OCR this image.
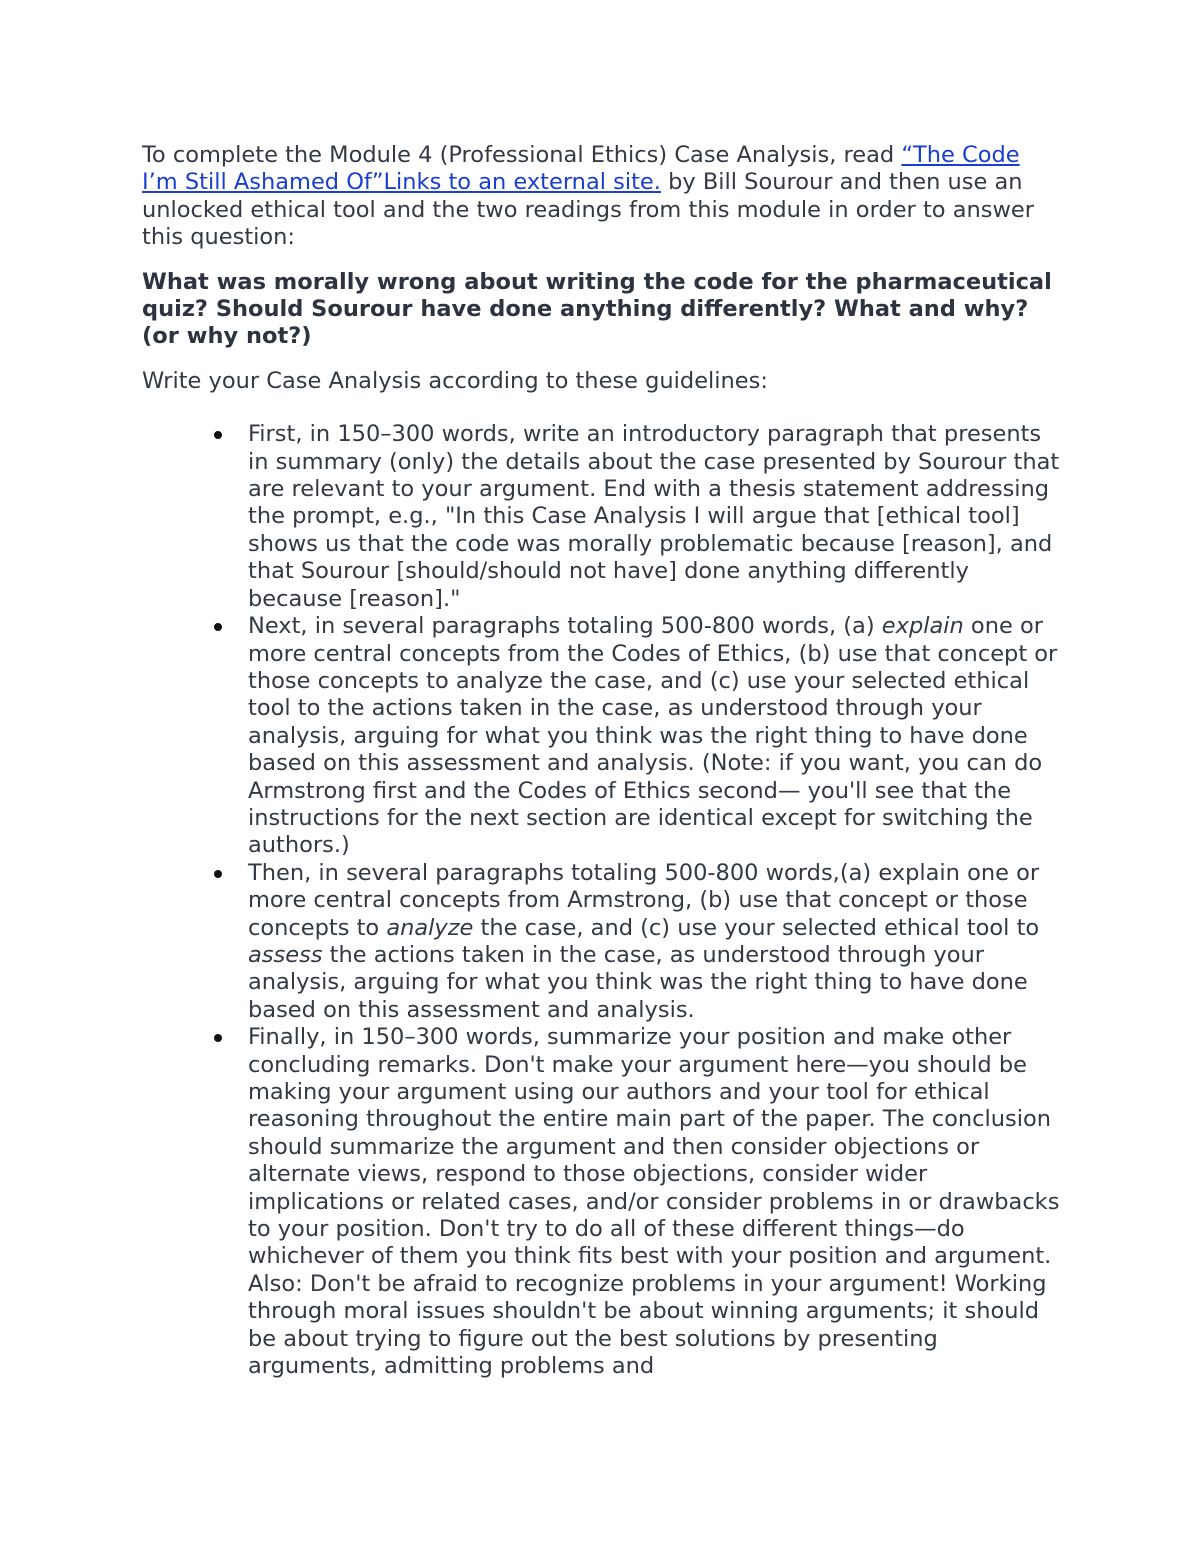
To complete the Module 4 (Professional Ethics) Case Analysis, read “The Code I’m Still Ashamed Of”Links to an external site. by Bill Sourour and then use an unlocked ethical tool and the two readings from this module in order to answer this question:

What was morally wrong about writing the code for the pharmaceutical quiz? Should Sourour have done anything differently? What and why? (or why not?)

Write your Case Analysis according to these guidelines:

First, in 150–300 words, write an introductory paragraph that presents in summary (only) the details about the case presented by Sourour that are relevant to your argument. End with a thesis statement addressing the prompt, e.g., "In this Case Analysis I will argue that [ethical tool] shows us that the code was morally problematic because [reason], and that Sourour [should/should not have] done anything differently because [reason]."
Next, in several paragraphs totaling 500-800 words, (a) explain one or more central concepts from the Codes of Ethics, (b) use that concept or those concepts to analyze the case, and (c) use your selected ethical tool to the actions taken in the case, as understood through your analysis, arguing for what you think was the right thing to have done based on this assessment and analysis. (Note: if you want, you can do Armstrong first and the Codes of Ethics second— you'll see that the instructions for the next section are identical except for switching the authors.)
Then, in several paragraphs totaling 500-800 words,(a) explain one or more central concepts from Armstrong, (b) use that concept or those concepts to analyze the case, and (c) use your selected ethical tool to assess the actions taken in the case, as understood through your analysis, arguing for what you think was the right thing to have done based on this assessment and analysis.
Finally, in 150–300 words, summarize your position and make other concluding remarks. Don't make your argument here—you should be making your argument using our authors and your tool for ethical reasoning throughout the entire main part of the paper. The conclusion should summarize the argument and then consider objections or alternate views, respond to those objections, consider wider implications or related cases, and/or consider problems in or drawbacks to your position. Don't try to do all of these different things—do whichever of them you think fits best with your position and argument. Also: Don't be afraid to recognize problems in your argument! Working through moral issues shouldn't be about winning arguments; it should be about trying to figure out the best solutions by presenting arguments, admitting problems and
